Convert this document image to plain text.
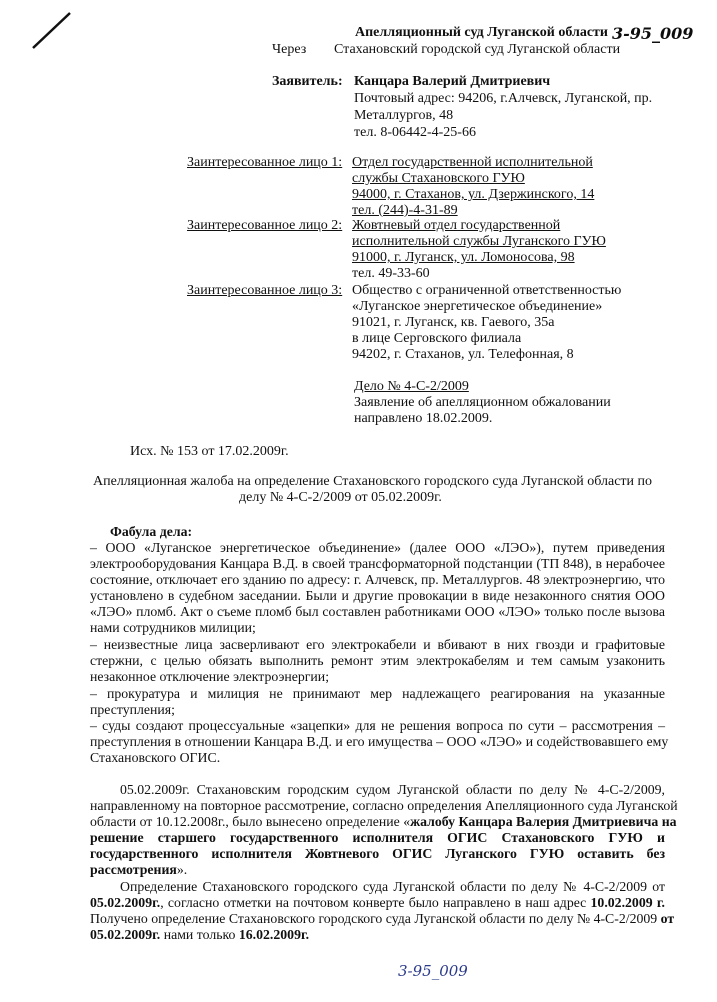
Апелляционный суд Луганской области 3-95_009
Через Стахановский городской суд Луганской области
Заявитель: Канцара Валерий Дмитриевич
Почтовый адрес: 94206, г.Алчевск, Луганской, пр.
Металлургов, 48
тел. 8-06442-4-25-66
Заинтересованное лицо 1: Отдел государственной исполнительной
службы Стахановского ГУЮ
94000, г. Стаханов, ул. Дзержинского, 14
тел. (244)-4-31-89
Заинтересованное лицо 2: Жовтневый отдел государственной
исполнительной службы Луганского ГУЮ
91000, г. Луганск, ул. Ломоносова, 98
тел. 49-33-60
Заинтересованное лицо 3: Общество с ограниченной ответственностью
«Луганское энергетическое объединение»
91021, г. Луганск, кв. Гаевого, 35а
в лице Серговского филиала
94202, г. Стаханов, ул. Телефонная, 8
Дело № 4-С-2/2009
Заявление об апелляционном обжаловании
направлено 18.02.2009.
Исх. № 153 от 17.02.2009г.
Апелляционная жалоба на определение Стахановского городского суда Луганской области по
делу № 4-С-2/2009 от 05.02.2009г.
Фабула дела:
– ООО «Луганское энергетическое объединение» (далее ООО «ЛЭО»), путем приведения
электрооборудования Канцара В.Д. в своей трансформаторной подстанции (ТП 848), в нерабочее
состояние, отключает его зданию по адресу: г. Алчевск, пр. Металлургов. 48 электроэнергию, что
установлено в судебном заседании. Были и другие провокации в виде незаконного снятия ООО
«ЛЭО» пломб. Акт о съеме пломб был составлен работниками ООО «ЛЭО» только после вызова
нами сотрудников милиции;
– неизвестные лица засверливают его электрокабели и вбивают в них гвозди и графитовые
стержни, с целью обязать выполнить ремонт этим электрокабелям и тем самым узаконить
незаконное отключение электроэнергии;
– прокуратура и милиция не принимают мер надлежащего реагирования на указанные
преступления;
– суды создают процессуальные «зацепки» для не решения вопроса по сути – рассмотрения –
преступления в отношении Канцара В.Д. и его имущества – ООО «ЛЭО» и содействовавшего ему
Стахановского ОГИС.
05.02.2009г. Стахановским городским судом Луганской области по делу № 4-С-2/2009,
направленному на повторное рассмотрение, согласно определения Апелляционного суда Луганской
области от 10.12.2008г., было вынесено определение «жалобу Канцара Валерия Дмитриевича на
решение старшего государственного исполнителя ОГИС Стахановского ГУЮ и
государственного исполнителя Жовтневого ОГИС Луганского ГУЮ оставить без
рассмотрения».
Определение Стахановского городского суда Луганской области по делу № 4-С-2/2009 от
05.02.2009г., согласно отметки на почтовом конверте было направлено в наш адрес 10.02.2009 г.
Получено определение Стахановского городского суда Луганской области по делу № 4-С-2/2009 от
05.02.2009г. нами только 16.02.2009г.
3-95_009
